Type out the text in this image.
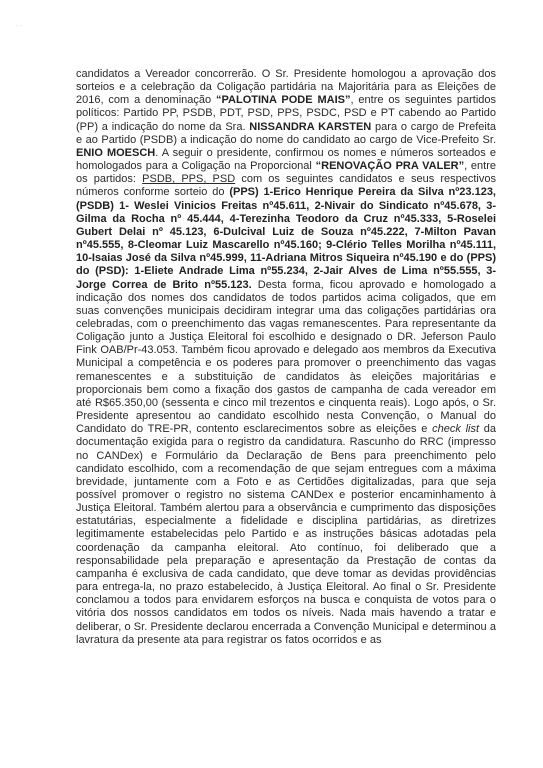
˙ ˙
candidatos a Vereador concorrerão. O Sr. Presidente homologou a aprovação dos sorteios e a celebração da Coligação partidária na Majoritária para as Eleições de 2016, com a denominação “PALOTINA PODE MAIS”, entre os seguintes partidos políticos: Partido PP, PSDB, PDT, PSD, PPS, PSDC, PSD e PT cabendo ao Partido (PP) a indicação do nome da Sra. NISSANDRA KARSTEN para o cargo de Prefeita e ao Partido (PSDB) a indicação do nome do candidato ao cargo de Vice-Prefeito Sr. ENIO MOESCH. A seguir o presidente, confirmou os nomes e números sorteados e homologados para a Coligação na Proporcional “RENOVAÇÃO PRA VALER”, entre os partidos: PSDB, PPS, PSD com os seguintes candidatos e seus respectivos números conforme sorteio do (PPS) 1-Erico Henrique Pereira da Silva nº23.123, (PSDB) 1- Weslei Vinicios Freitas nº45.611, 2-Nivair do Sindicato nº45.678, 3-Gilma da Rocha nº 45.444, 4-Terezinha Teodoro da Cruz nº45.333, 5-Roselei Gubert Delai nº 45.123, 6-Dulcival Luiz de Souza nº45.222, 7-Milton Pavan nº45.555, 8-Cleomar Luiz Mascarello nº45.160; 9-Clério Telles Morilha nº45.111, 10-Isaias José da Silva nº45.999, 11-Adriana Mitros Siqueira nº45.190 e do (PPS) do (PSD): 1-Eliete Andrade Lima nº55.234, 2-Jair Alves de Lima nº55.555, 3-Jorge Correa de Brito nº55.123. Desta forma, ficou aprovado e homologado a indicação dos nomes dos candidatos de todos partidos acima coligados, que em suas convenções municipais decidiram integrar uma das coligações partidárias ora celebradas, com o preenchimento das vagas remanescentes. Para representante da Coligação junto a Justiça Eleitoral foi escolhido e designado o DR. Jeferson Paulo Fink OAB/Pr-43.053. Também ficou aprovado e delegado aos membros da Executiva Municipal a competência e os poderes para promover o preenchimento das vagas remanescentes e a substituição de candidatos às eleições majoritárias e proporcionais bem como a fixação dos gastos de campanha de cada vereador em até R$65.350,00 (sessenta e cinco mil trezentos e cinquenta reais). Logo após, o Sr. Presidente apresentou ao candidato escolhido nesta Convenção, o Manual do Candidato do TRE-PR, contento esclarecimentos sobre as eleições e check list da documentação exigida para o registro da candidatura. Rascunho do RRC (impresso no CANDex) e Formulário da Declaração de Bens para preenchimento pelo candidato escolhido, com a recomendação de que sejam entregues com a máxima brevidade, juntamente com a Foto e as Certidões digitalizadas, para que seja possível promover o registro no sistema CANDex e posterior encaminhamento à Justiça Eleitoral. Também alertou para a observância e cumprimento das disposições estatutárias, especialmente a fidelidade e disciplina partidárias, as diretrizes legitimamente estabelecidas pelo Partido e as instruções básicas adotadas pela coordenação da campanha eleitoral. Ato contínuo, foi deliberado que a responsabilidade pela preparação e apresentação da Prestação de contas da campanha é exclusiva de cada candidato, que deve tomar as devidas providências para entrega-la, no prazo estabelecido, à Justiça Eleitoral. Ao final o Sr. Presidente conclamou a todos para envidarem esforços na busca e conquista de votos para o vitória dos nossos candidatos em todos os níveis. Nada mais havendo a tratar e deliberar, o Sr. Presidente declarou encerrada a Convenção Municipal e determinou a lavratura da presente ata para registrar os fatos ocorridos e as
